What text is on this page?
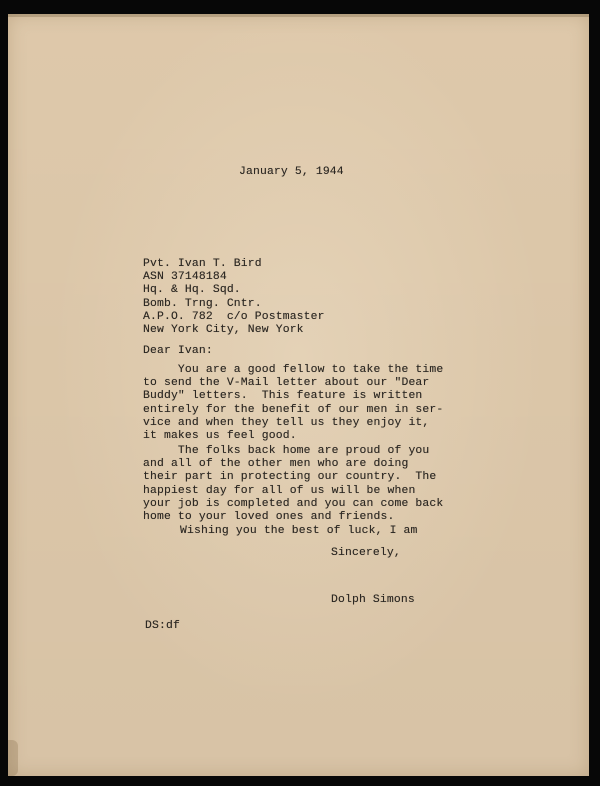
January 5, 1944
Pvt. Ivan T. Bird
ASN 37148184
Hq. & Hq. Sqd.
Bomb. Trng. Cntr.
A.P.O. 782  c/o Postmaster
New York City, New York
Dear Ivan:
You are a good fellow to take the time
to send the V-Mail letter about our "Dear
Buddy" letters.  This feature is written
entirely for the benefit of our men in ser-
vice and when they tell us they enjoy it,
it makes us feel good.
The folks back home are proud of you
and all of the other men who are doing
their part in protecting our country.  The
happiest day for all of us will be when
your job is completed and you can come back
home to your loved ones and friends.
Wishing you the best of luck, I am
Sincerely,
Dolph Simons
DS:df
